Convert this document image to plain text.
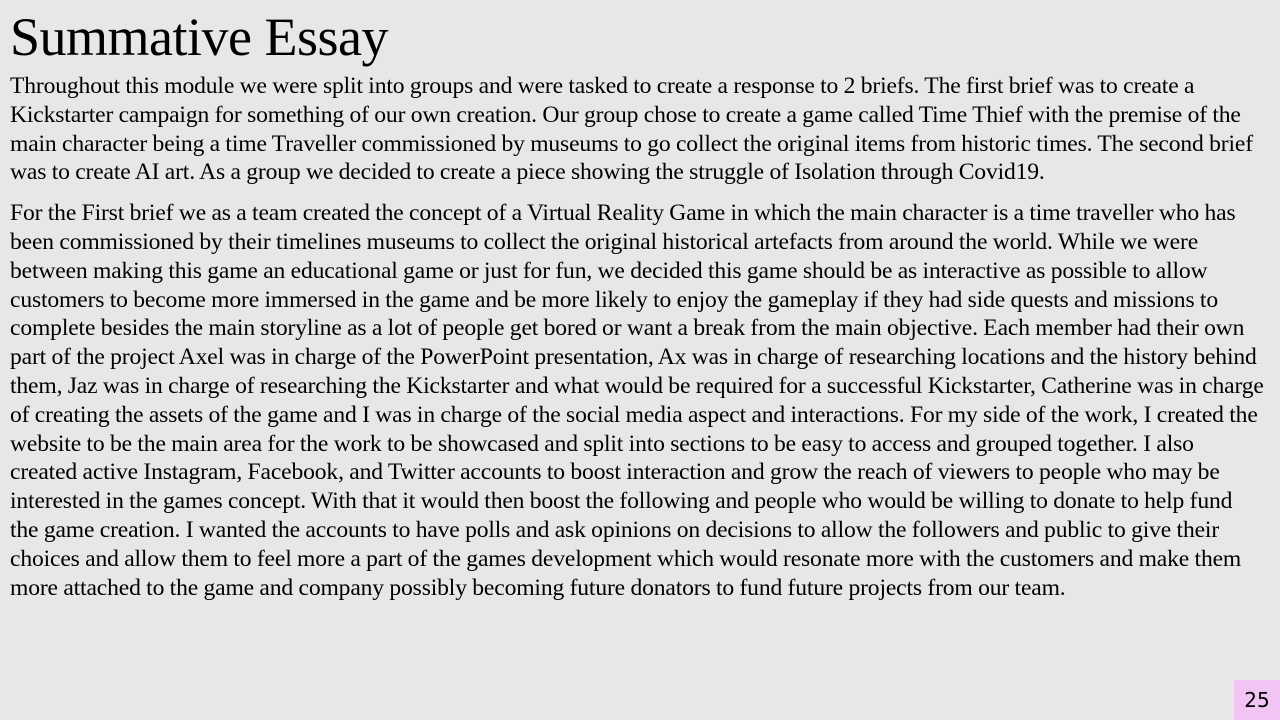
Summative Essay

Throughout this module we were split into groups and were tasked to create a response to 2 briefs. The first brief was to create a Kickstarter campaign for something of our own creation. Our group chose to create a game called Time Thief with the premise of the main character being a time Traveller commissioned by museums to go collect the original items from historic times. The second brief was to create AI art. As a group we decided to create a piece showing the struggle of Isolation through Covid19.

For the First brief we as a team created the concept of a Virtual Reality Game in which the main character is a time traveller who has been commissioned by their timelines museums to collect the original historical artefacts from around the world. While we were between making this game an educational game or just for fun, we decided this game should be as interactive as possible to allow customers to become more immersed in the game and be more likely to enjoy the gameplay if they had side quests and missions to complete besides the main storyline as a lot of people get bored or want a break from the main objective. Each member had their own part of the project Axel was in charge of the PowerPoint presentation, Ax was in charge of researching locations and the history behind them, Jaz was in charge of researching the Kickstarter and what would be required for a successful Kickstarter, Catherine was in charge of creating the assets of the game and I was in charge of the social media aspect and interactions. For my side of the work, I created the website to be the main area for the work to be showcased and split into sections to be easy to access and grouped together. I also created active Instagram, Facebook, and Twitter accounts to boost interaction and grow the reach of viewers to people who may be interested in the games concept. With that it would then boost the following and people who would be willing to donate to help fund the game creation. I wanted the accounts to have polls and ask opinions on decisions to allow the followers and public to give their choices and allow them to feel more a part of the games development which would resonate more with the customers and make them more attached to the game and company possibly becoming future donators to fund future projects from our team.

25
